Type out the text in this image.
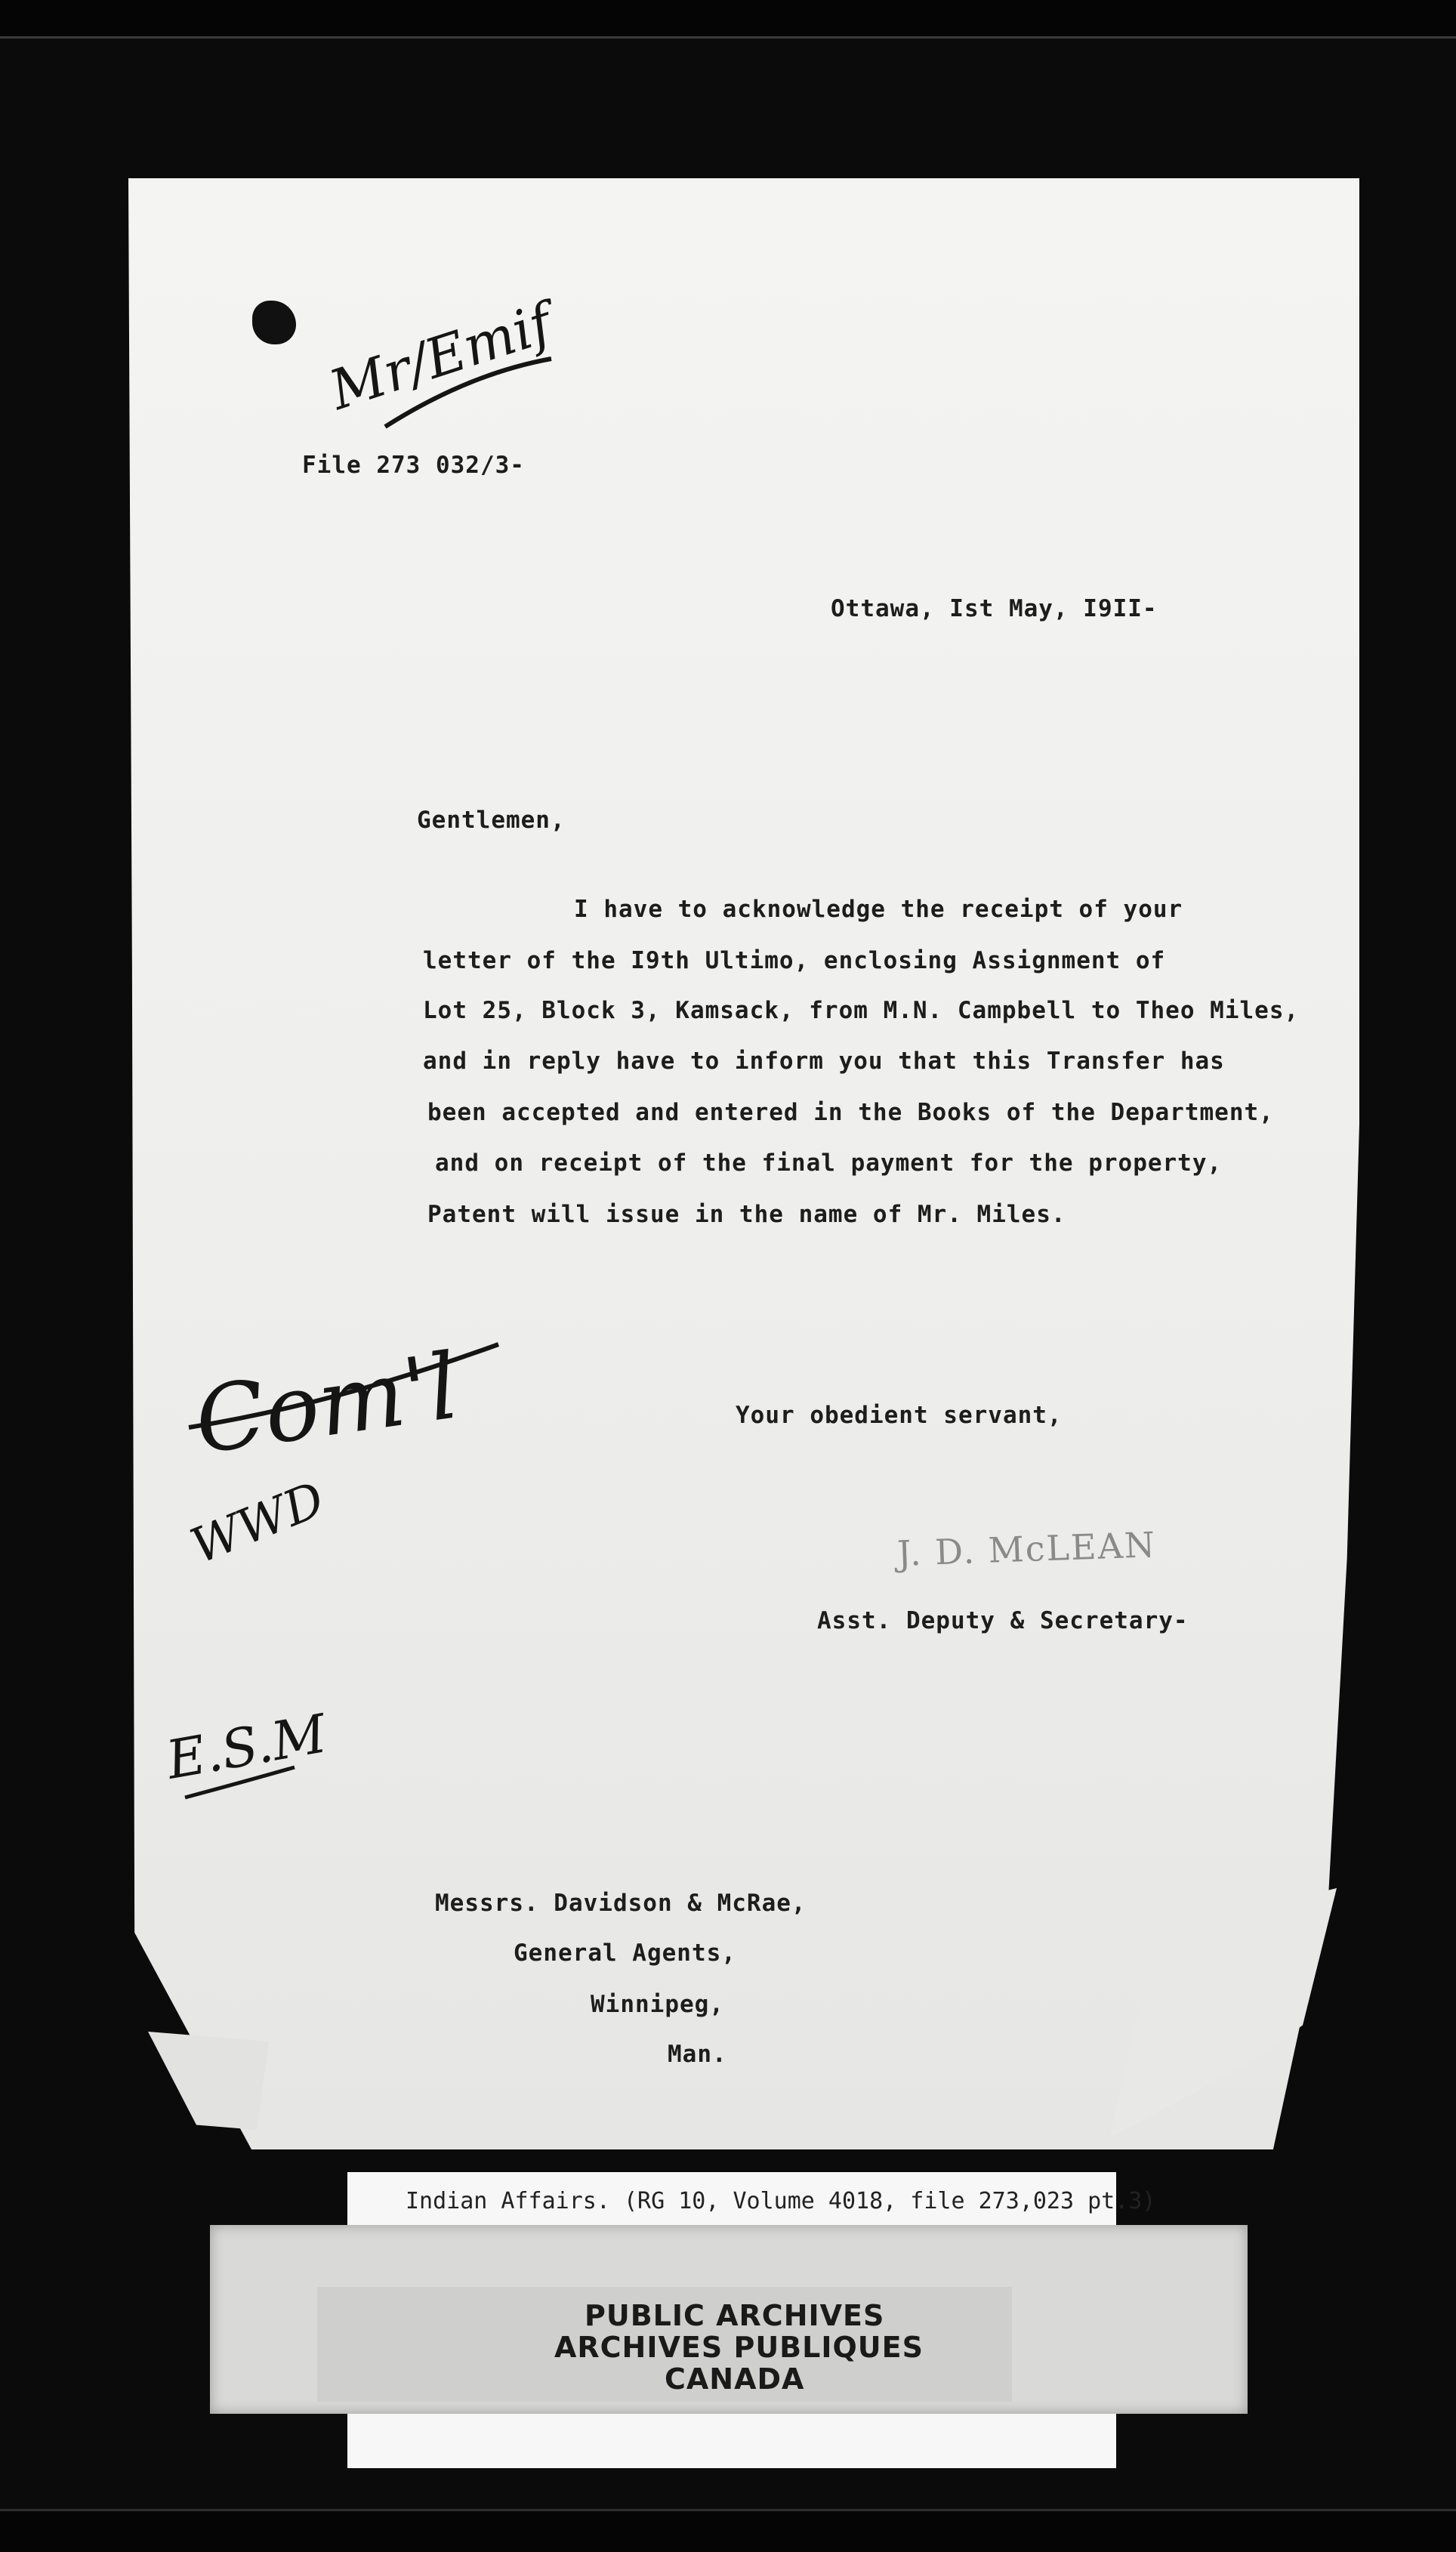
Mr/Emif
File 273 032/3-
Ottawa, Ist May, I9II-
Gentlemen,
I have to acknowledge the receipt of your
letter of the I9th Ultimo, enclosing Assignment of
Lot 25, Block 3, Kamsack, from M.N. Campbell to Theo Miles,
and in reply have to inform you that this Transfer has
been accepted and entered in the Books of the Department,
and on receipt of the final payment for the property,
Patent will issue in the name of Mr. Miles.
Com'l
WWD
Your obedient servant,
J. D. McLEAN
Asst. Deputy & Secretary-
E.S.M
Messrs. Davidson & McRae,
General Agents,
Winnipeg,
Man.
Indian Affairs. (RG 10, Volume 4018, file 273,023 pt.3)
PUBLIC ARCHIVES
ARCHIVES PUBLIQUES
CANADA
